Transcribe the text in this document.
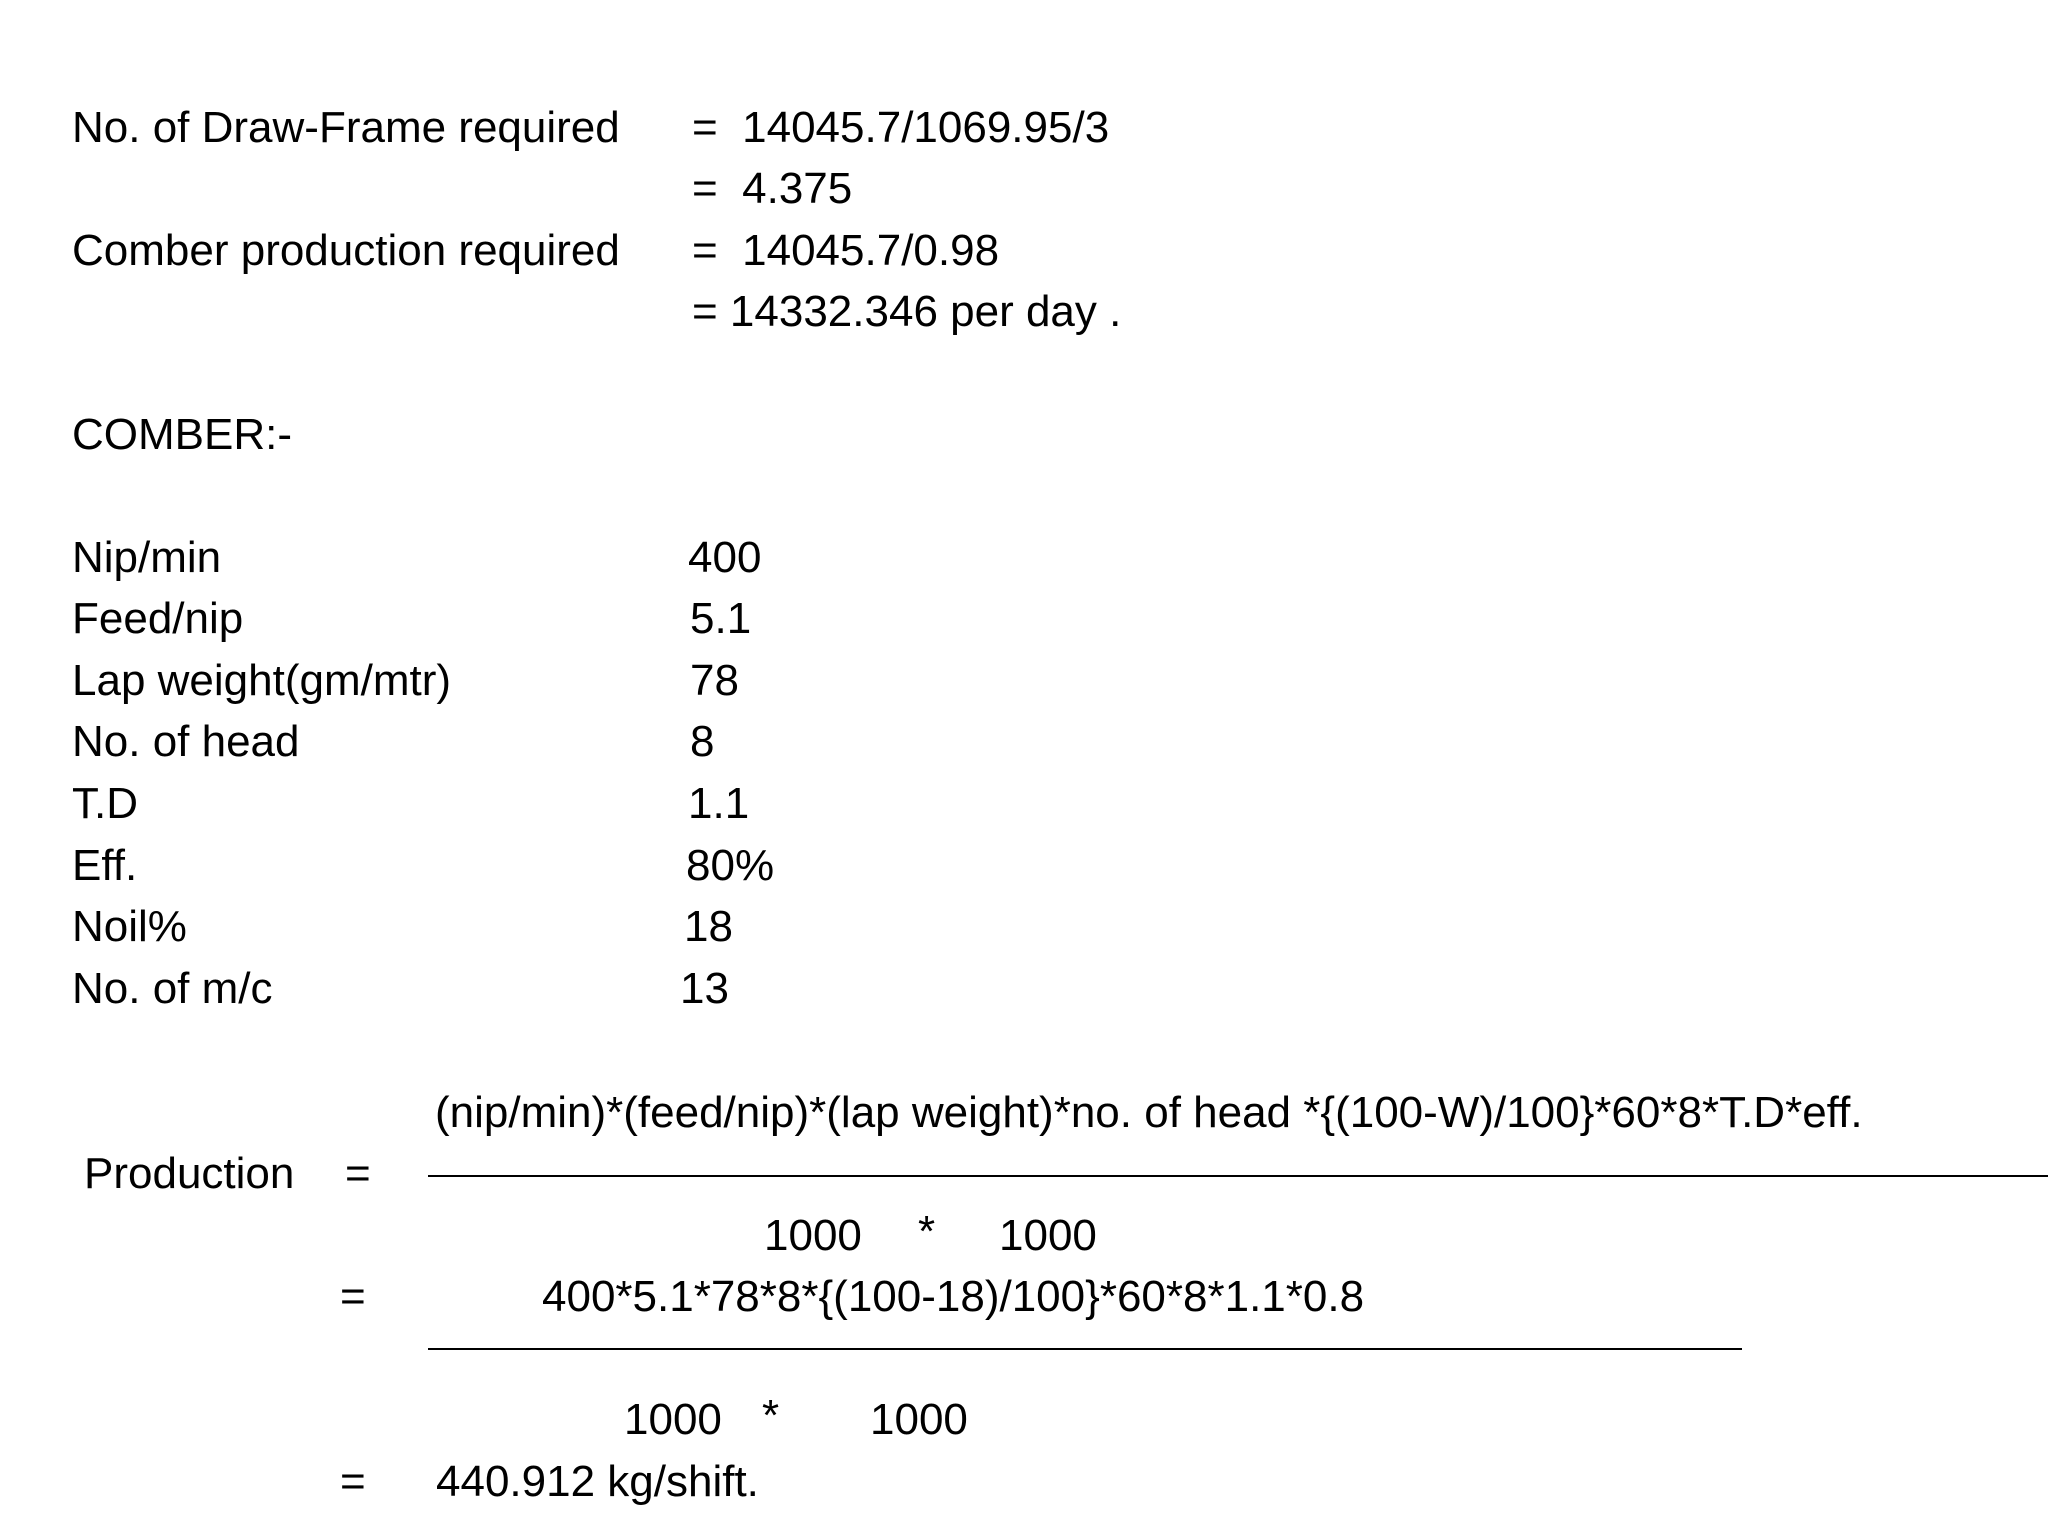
No. of Draw-Frame required =  14045.7/1069.95/3
=  4.375
Comber production required =  14045.7/0.98
= 14332.346 per day .
COMBER:-
Nip/min	400
Feed/nip	5.1
Lap weight(gm/mtr)	78
No. of head	8
T.D	1.1
Eff.	80%
Noil%	18
No. of m/c	13
(nip/min)*(feed/nip)*(lap weight)*no. of head *{(100-W)/100}*60*8*T.D*eff.
Production =
1000 * 1000
=	400*5.1*78*8*{(100-18)/100}*60*8*1.1*0.8
1000 * 1000
= 440.912 kg/shift.
